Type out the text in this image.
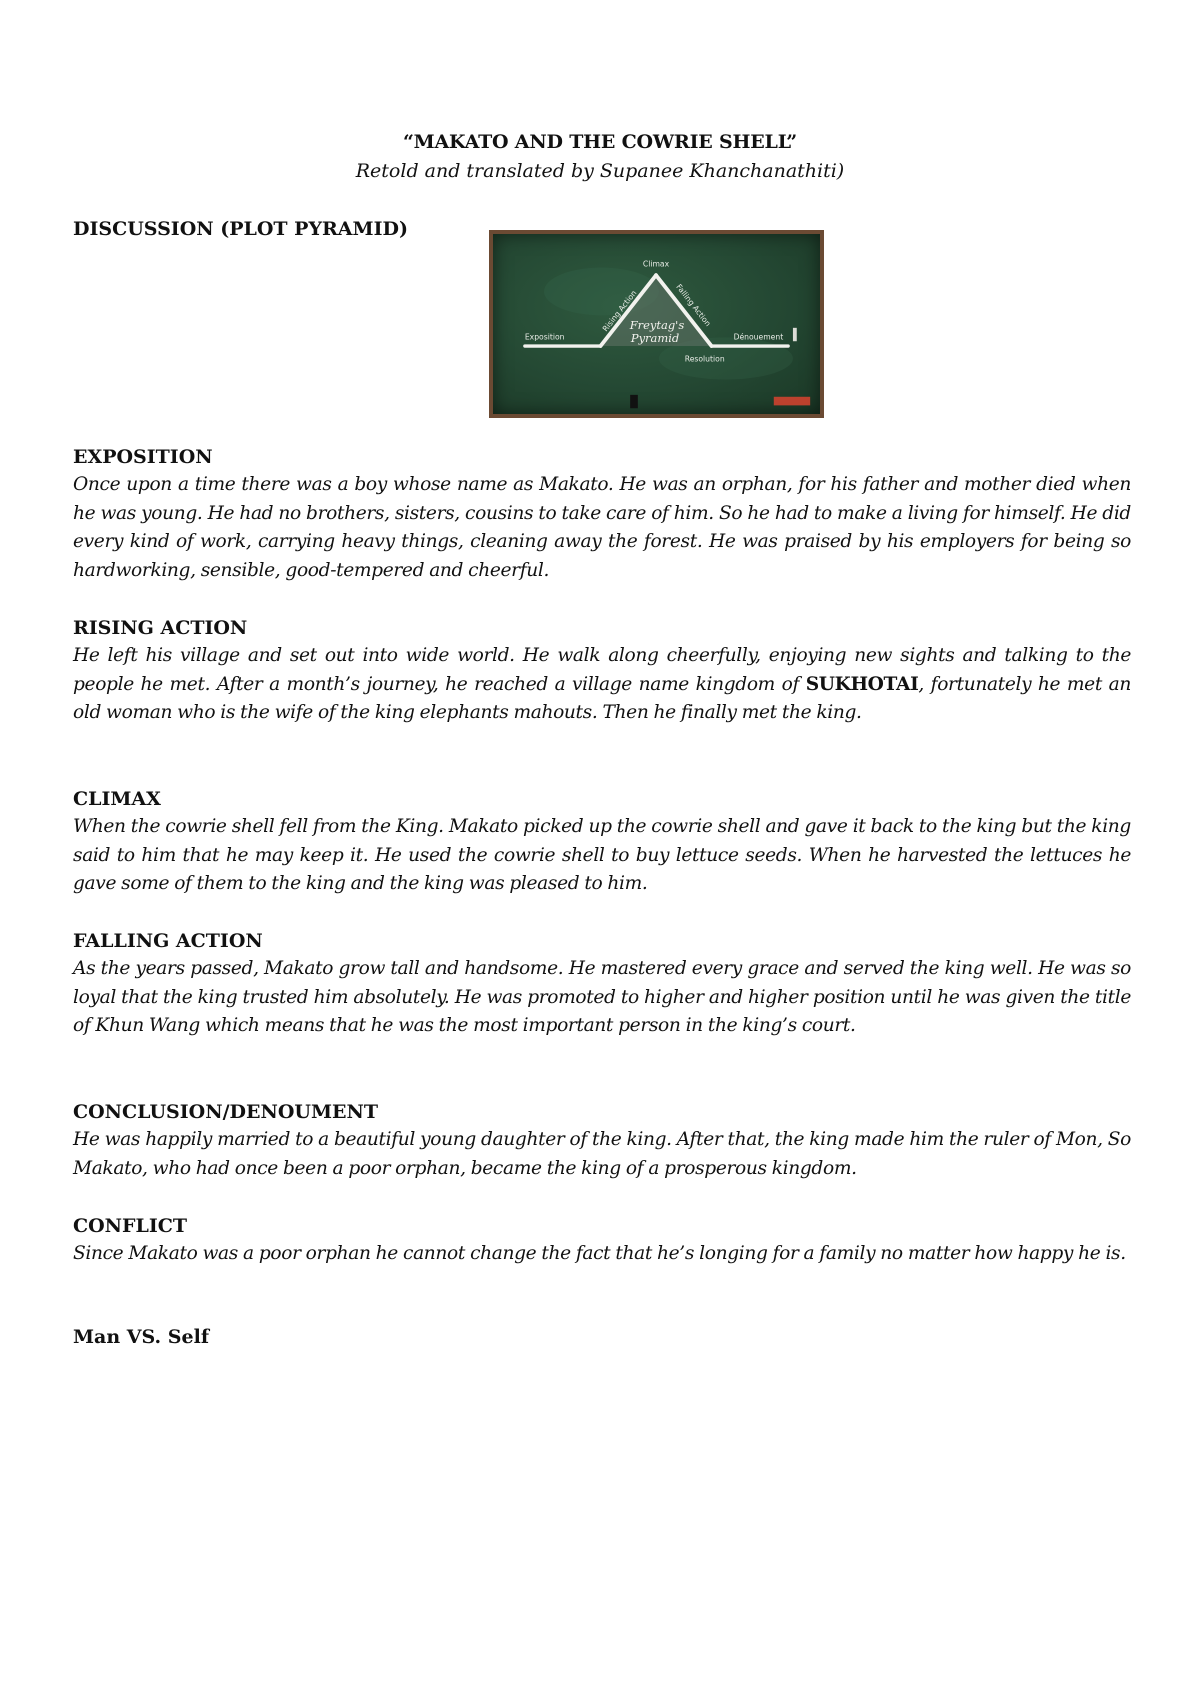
“MAKATO AND THE COWRIE SHELL”
Retold and translated by Supanee Khanchanathiti)
DISCUSSION (PLOT PYRAMID)
Climax
Rising Action	Falling Action
Exposition	Dénouement
Resolution
Freytag's
Pyramid
EXPOSITION
Once upon a time there was a boy whose name as Makato. He was an orphan, for his father and mother died when he was young. He had no brothers, sisters, cousins to take care of him. So he had to make a living for himself. He did every kind of work, carrying heavy things, cleaning away the forest. He was praised by his employers for being so hardworking, sensible, good-tempered and cheerful.
RISING ACTION
He left his village and set out into wide world. He walk along cheerfully, enjoying new sights and talking to the people he met. After a month’s journey, he reached a village name kingdom of SUKHOTAI, fortunately he met an old woman who is the wife of the king elephants mahouts. Then he finally met the king.
CLIMAX
When the cowrie shell fell from the King. Makato picked up the cowrie shell and gave it back to the king but the king said to him that he may keep it. He used the cowrie shell to buy lettuce seeds. When he harvested the lettuces he gave some of them to the king and the king was pleased to him.
FALLING ACTION
As the years passed, Makato grow tall and handsome. He mastered every grace and served the king well. He was so loyal that the king trusted him absolutely. He was promoted to higher and higher position until he was given the title of Khun Wang which means that he was the most important person in the king’s court.
CONCLUSION/DENOUMENT
He was happily married to a beautiful young daughter of the king. After that, the king made him the ruler of Mon, So Makato, who had once been a poor orphan, became the king of a prosperous kingdom.
CONFLICT
Since Makato was a poor orphan he cannot change the fact that he’s longing for a family no matter how happy he is.
Man VS. Self
